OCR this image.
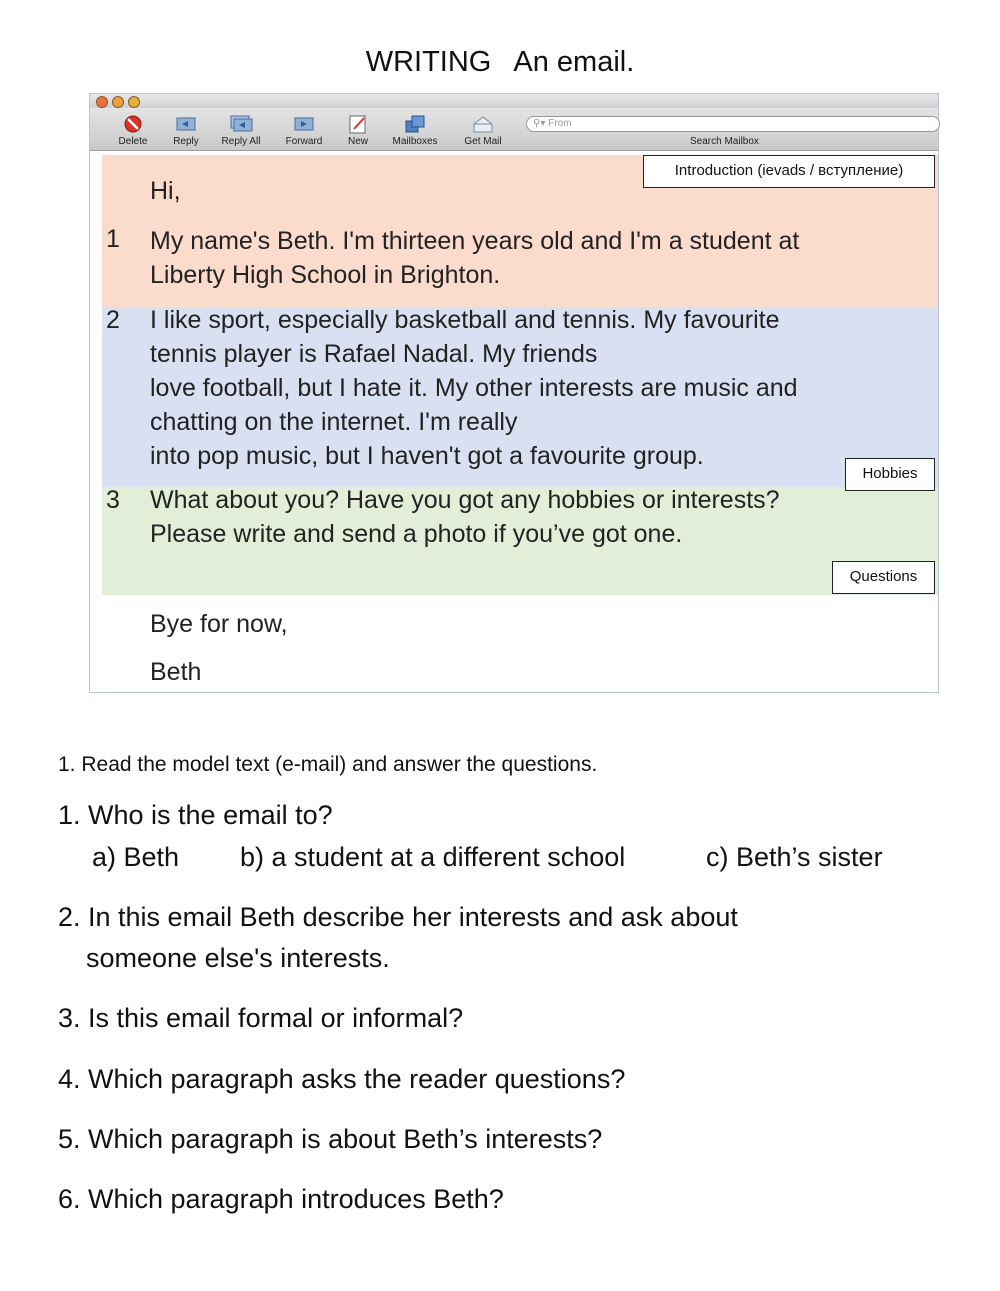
WRITING An email.
Delete	Reply	Reply All	Forward	New	Mailboxes	Get Mail
⚲▾ From
Search Mailbox
Hi,
1 My name's Beth. I'm thirteen years old and I'm a student at
Liberty High School in Brighton.
2 I like sport, especially basketball and tennis. My favourite
tennis player is Rafael Nadal. My friends
love football, but I hate it. My other interests are music and
chatting on the internet. I'm really
into pop music, but I haven't got a favourite group.
3 What about you? Have you got any hobbies or interests?
Please write and send a photo if you’ve got one.
Bye for now,
Beth
Introduction (ievads / вступление)
Hobbies
Questions
1. Read the model text (e-mail) and answer the questions.
1. Who is the email to?
a) Beth b) a student at a different school	c) Beth’s sister
2. In this email Beth describe her interests and ask about
someone else's interests.
3. Is this email formal or informal?
4. Which paragraph asks the reader questions?
5. Which paragraph is about Beth’s interests?
6. Which paragraph introduces Beth?
